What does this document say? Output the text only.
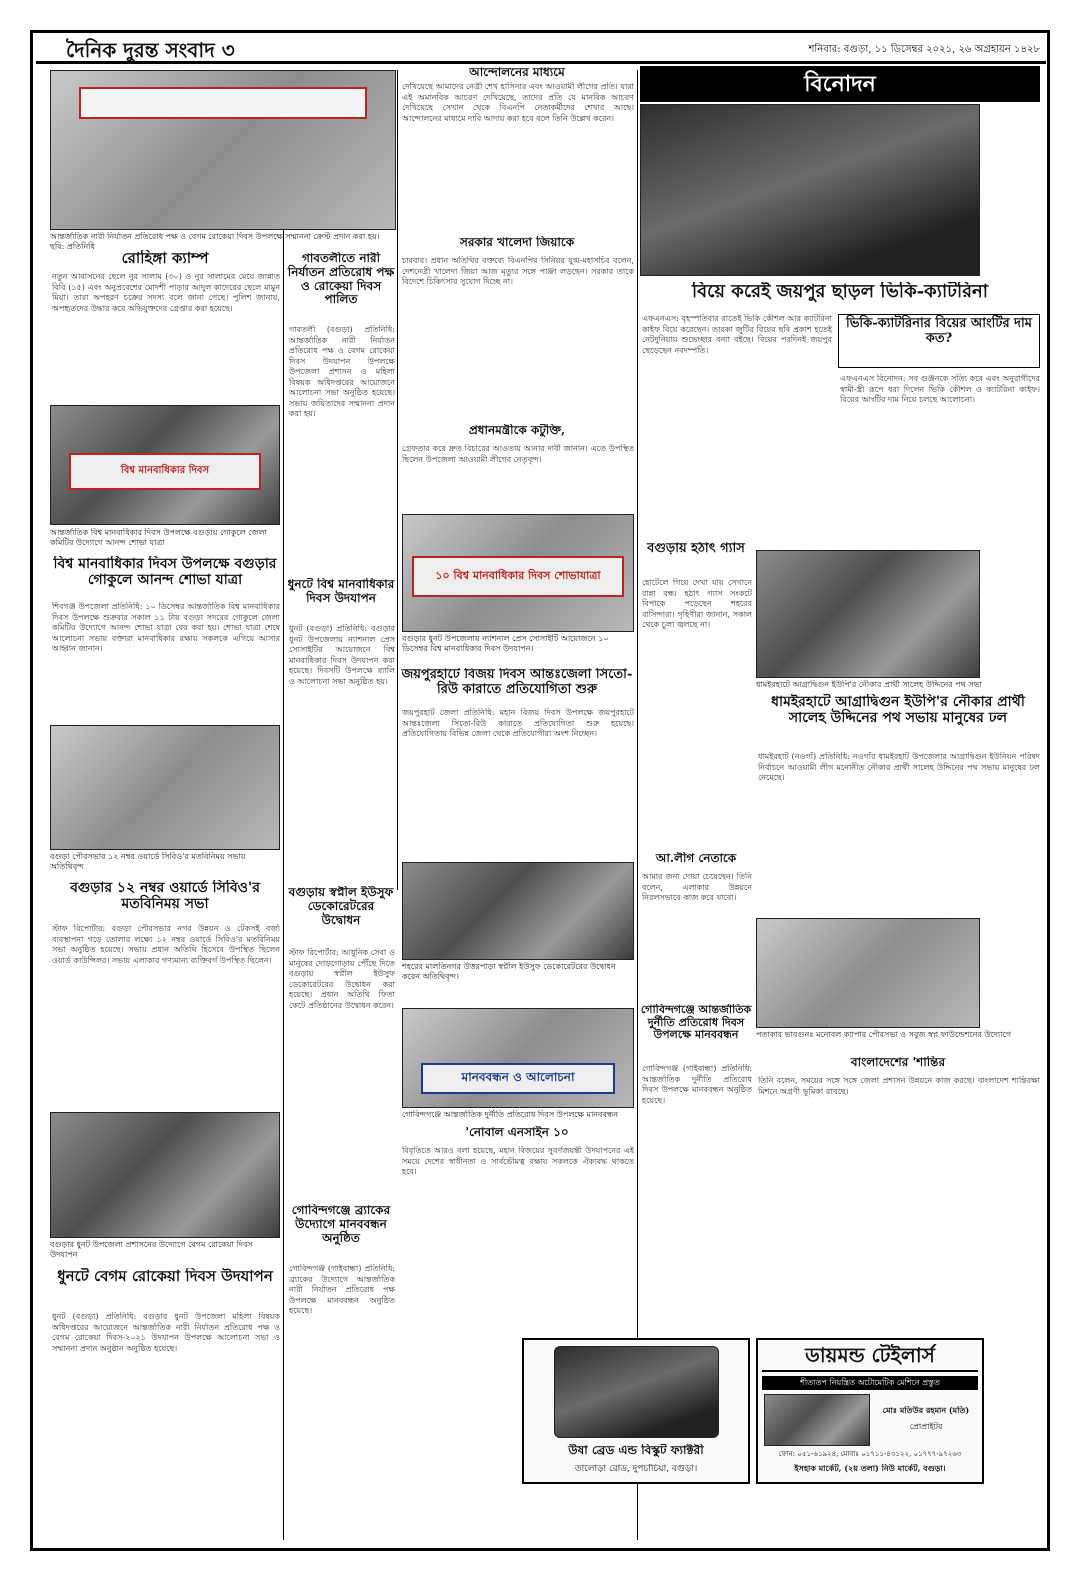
দৈনিক দুরন্ত সংবাদ ৩	শনিবার: বগুড়া, ১১ ডিসেম্বর ২০২১, ২৬ অগ্রহায়ন ১৪২৮
আন্তর্জাতিক নারী নির্যাতন প্রতিরোধ পক্ষ ও বেগম রোকেয়া দিবস উপলক্ষে সম্মাননা ক্রেস্ট প্রদান করা হয়। ছবি: প্রতিনিধি
রোহিঙ্গা ক্যাম্প
নতুন আবাসনের ছেলে নুর সালাম (৩০) ও নুর সালামের মেয়ে জান্নাত বিবি (১৫) এবং অনুপ্রবেশের মোদশী পাড়ার আদুল কাদেরের ছেলে মামুন মিয়া। তারা অপহরণ চক্রের সদস্য বলে জানা গেছে। পুলিশ জানায়, অপহৃতদের উদ্ধার করে অভিযুক্তদের গ্রেপ্তার করা হয়েছে।
বিশ্ব মানবাধিকার দিবস
আন্তর্জাতিক বিশ্ব মানবাধিকার দিবস উপলক্ষে বগুড়ায় গোকুলে জেলা কমিটির উদ্যোগে আনন্দ শোভা যাত্রা
বিশ্ব মানবাধিকার দিবস উপলক্ষে বগুড়ার গোকুলে আনন্দ শোভা যাত্রা
শিবগঞ্জ উপজেলা প্রতিনিধি: ১০ ডিসেম্বর আন্তর্জাতিক বিশ্ব মানবাধিকার দিবস উপলক্ষে শুক্রবার সকাল ১১ টায় বগুড়া সদরের গোকুলে জেলা কমিটির উদ্যোগে আনন্দ শোভা যাত্রা বের করা হয়। শোভা যাত্রা শেষে আলোচনা সভায় বক্তারা মানবাধিকার রক্ষায় সকলকে এগিয়ে আসার আহ্বান জানান।
বগুড়া পৌরসভার ১২ নম্বর ওয়ার্ডে সিবিও'র মতবিনিময় সভায় অতিথিবৃন্দ
বগুড়ার ১২ নম্বর ওয়ার্ডে সিবিও'র মতবিনিময় সভা
স্টাফ রিপোর্টার: বগুড়া পৌরসভার নগর উন্নয়ন ও টেকসই বর্জ্য ব্যবস্থাপনা গড়ে তোলার লক্ষ্যে ১২ নম্বর ওয়ার্ডে সিবিও'র মতবিনিময় সভা অনুষ্ঠিত হয়েছে। সভায় প্রধান অতিথি হিসেবে উপস্থিত ছিলেন ওয়ার্ড কাউন্সিলর। সভায় এলাকার গণ্যমান্য ব্যক্তিবর্গ উপস্থিত ছিলেন।
বগুড়ার ধুনট উপজেলা প্রশাসনের উদ্যোগে বেগম রোকেয়া দিবস উদযাপন
ধুনটে বেগম রোকেয়া দিবস উদযাপন
ধুনট (বগুড়া) প্রতিনিধি: বগুড়ার ধুনট উপজেলা মহিলা বিষয়ক অধিদপ্তরের আয়োজনে আন্তর্জাতিক নারী নির্যাতন প্রতিরোধ পক্ষ ও বেগম রোকেয়া দিবস-২০২১ উদযাপন উপলক্ষে আলোচনা সভা ও সম্মাননা প্রদান অনুষ্ঠান অনুষ্ঠিত হয়েছে।
গাবতলীতে নারী নির্যাতন প্রতিরোধ পক্ষ ও রোকেয়া দিবস পালিত
গাবতলী (বগুড়া) প্রতিনিধি: আন্তর্জাতিক নারী নির্যাতন প্রতিরোধ পক্ষ ও বেগম রোকেয়া দিবস উদযাপন উপলক্ষে উপজেলা প্রশাসন ও মহিলা বিষয়ক অধিদপ্তরের আয়োজনে আলোচনা সভা অনুষ্ঠিত হয়েছে। সভায় জয়িতাদের সম্মাননা প্রদান করা হয়।
ধুনটে বিশ্ব মানবাধিকার দিবস উদযাপন
ধুনট (বগুড়া) প্রতিনিধি: বগুড়ার ধুনট উপজেলায় ন্যাশনাল প্রেস সোসাইটির আয়োজনে বিশ্ব মানবাধিকার দিবস উদযাপন করা হয়েছে। দিবসটি উপলক্ষে র‌্যালি ও আলোচনা সভা অনুষ্ঠিত হয়।
বগুড়ায় স্বপ্নীল ইউসুফ ডেকোরেটরের উদ্বোধন
স্টাফ রিপোর্টার: আধুনিক সেবা ও মানুষের দোড়গোড়ায় পৌঁছে দিতে বগুড়ায় স্বপ্নীল ইউসুফ ডেকোরেটরের উদ্বোধন করা হয়েছে। প্রধান অতিথি ফিতা কেটে প্রতিষ্ঠানের উদ্বোধন করেন।
গোবিন্দগঞ্জে ব্র্যাকের উদ্যোগে মানববন্ধন অনুষ্ঠিত
গোবিন্দগঞ্জ (গাইবান্ধা) প্রতিনিধি: ব্র্যাকের উদ্যোগে আন্তর্জাতিক নারী নির্যাতন প্রতিরোধ পক্ষ উপলক্ষে মানববন্ধন অনুষ্ঠিত হয়েছে।
আন্দোলনের মাধ্যমে
দেখিয়েছে আমাদের নেত্রী শেখ হাসিনার এবং আওয়ামী লীগের প্রতি। যারা এই অমানবিক আচরণ দেখিয়েছে, তাদের প্রতি যে মানবিক আচরণ দেখিয়েছে সেখান থেকে বিএনপি নেতাকর্মীদের শেখার আছে। আন্দোলনের মাধ্যমে দাবি আদায় করা হবে বলে তিনি উল্লেখ করেন।
সরকার খালেদা জিয়াকে
চারবার। প্রধান অতিথির বক্তব্যে বিএনপির সিনিয়র যুগ্ম-মহাসচিব বলেন, দেশনেত্রী খালেদা জিয়া আজ মৃত্যুর সঙ্গে পাঞ্জা লড়ছেন। সরকার তাকে বিদেশে চিকিৎসার সুযোগ দিচ্ছে না।
প্রধানমন্ত্রীকে কটুক্তি,
গ্রেফতার করে দ্রুত বিচারের আওতায় আনার দাবী জানান। এতে উপস্থিত ছিলেন উপজেলা আওয়ামী লীগের নেতৃবৃন্দ।
১০ বিশ্ব মানবাধিকার দিবস শোভাযাত্রা
বগুড়ার ধুনট উপজেলায় ন্যাশনাল প্রেস সোসাইটি আয়োজনে ১০ ডিসেম্বর বিশ্ব মানবাধিকার দিবস উদযাপন।
জয়পুরহাটে বিজয় দিবস আন্তঃজেলা সিতো-রিউ কারাতে প্রতিযোগিতা শুরু
জয়পুরহাট জেলা প্রতিনিধি: মহান বিজয় দিবস উপলক্ষে জয়পুরহাটে আন্তঃজেলা সিতো-রিউ কারাতে প্রতিযোগিতা শুরু হয়েছে। প্রতিযোগিতায় বিভিন্ন জেলা থেকে প্রতিযোগীরা অংশ নিচ্ছেন।
শহরের মালতিনগর উত্তরপাড়া স্বপ্নীল ইউসুফ ডেকোরেটরের উদ্বোধন করেন অতিথিবৃন্দ।
মানববন্ধন ও আলোচনা
গোবিন্দগঞ্জে আন্তর্জাতিক দুর্নীতি প্রতিরোধ দিবস উপলক্ষে মানববন্ধন
'নোবাল এনসাইন ১০
বিবৃতিতে আরও বলা হয়েছে, মহান বিজয়ের সুবর্ণজয়ন্তী উদযাপনের এই সময়ে দেশের স্বাধীনতা ও সার্বভৌমত্ব রক্ষায় সকলকে ঐক্যবদ্ধ থাকতে হবে।
উষা ব্রেড এন্ড বিস্কুট ফ্যাক্টরী
তালোড়া রোড, দুপচাঁচিয়া, বগুড়া।
বিনোদন
বিয়ে করেই জয়পুর ছাড়ল ভিকি-ক্যাটরিনা
এফএনএস: বৃহস্পতিবার রাতেই ভিকি কৌশল আর ক্যাটরিনা কাইফ বিয়ে করেছেন। তারকা জুটির বিয়ের ছবি প্রকাশ হতেই নেটদুনিয়ায় শুভেচ্ছার বন্যা বইছে। বিয়ের পরদিনই জয়পুর ছেড়েছেন নবদম্পতি।
ভিকি-ক্যাটরিনার বিয়ের আংটির দাম কত?
এফএনএস বিনোদন: সব গুঞ্জনকে সত্যি করে এবং অনুরাগীদের স্বামী-স্ত্রী রূপে ধরা দিলেন ভিকি কৌশল ও ক্যাটরিনা কাইফ। বিয়ের আংটির দাম নিয়ে চলছে আলোচনা।
বগুড়ায় হঠাৎ গ্যাস
হোটেলে গিয়ে দেখা যায় সেখানে রান্না বন্ধ। হঠাৎ গ্যাস সংকটে বিপাকে পড়েছেন শহরের বাসিন্দারা। গৃহিণীরা জানান, সকাল থেকে চুলা জ্বলছে না।
ধামইরহাটে আগ্রাদ্বিগুন ইউপি'র নৌকার প্রার্থী সালেহ উদ্দিনের পথ সভা
ধামইরহাটে আগ্রাদ্বিগুন ইউপি'র নৌকার প্রার্থী সালেহ উদ্দিনের পথ সভায় মানুষের ঢল
ধামইরহাট (নওগাঁ) প্রতিনিধি: নওগাঁর ধামইরহাট উপজেলার আগ্রাদ্বিগুন ইউনিয়ন পরিষদ নির্বাচনে আওয়ামী লীগ মনোনীত নৌকার প্রার্থী সালেহ উদ্দিনের পথ সভায় মানুষের ঢল নেমেছে।
আ.লীগ নেতাকে
আমার জন্য দোয়া চেয়েছেন। তিনি বলেন, এলাকার উন্নয়নে নিরলসভাবে কাজ করে যাবো।
গোবিন্দগঞ্জে আন্তর্জাতিক দুর্নীতি প্রতিরোধ দিবস উপলক্ষে মানববন্ধন
গোবিন্দগঞ্জ (গাইবান্ধা) প্রতিনিধি: আন্তর্জাতিক দুর্নীতি প্রতিরোধ দিবস উপলক্ষে মানববন্ধন অনুষ্ঠিত হয়েছে।
পতাকার ভাবগুনঃ মনোবল ক্যাপার পৌরসভা ও সবুজ স্বপ্ন ফাউন্ডেশনের উদ্যোগে
বাংলাদেশের 'শান্তির
তিনি বলেন, সময়ের সঙ্গে সঙ্গে জেলা প্রশাসন উন্নয়নে কাজ করছে। বাংলাদেশ শান্তিরক্ষা মিশনে অগ্রণী ভূমিকা রাখছে।
ডায়মন্ড টেইলার্স
শীতাতপ নিয়ন্ত্রিত অটোমেটিক মেশিনে প্রস্তুত
মোঃ মতিউর রহমান (মতি)
প্রোপ্রাইটর
ফোন: ০৫১-৬১৯২৪, মোবাঃ ০১৭১১-৪৩১২২, ০১৭৭৭-৯৭২৬৩
ইসহাক মার্কেট, (২য় তলা) নিউ মার্কেট, বগুড়া।
